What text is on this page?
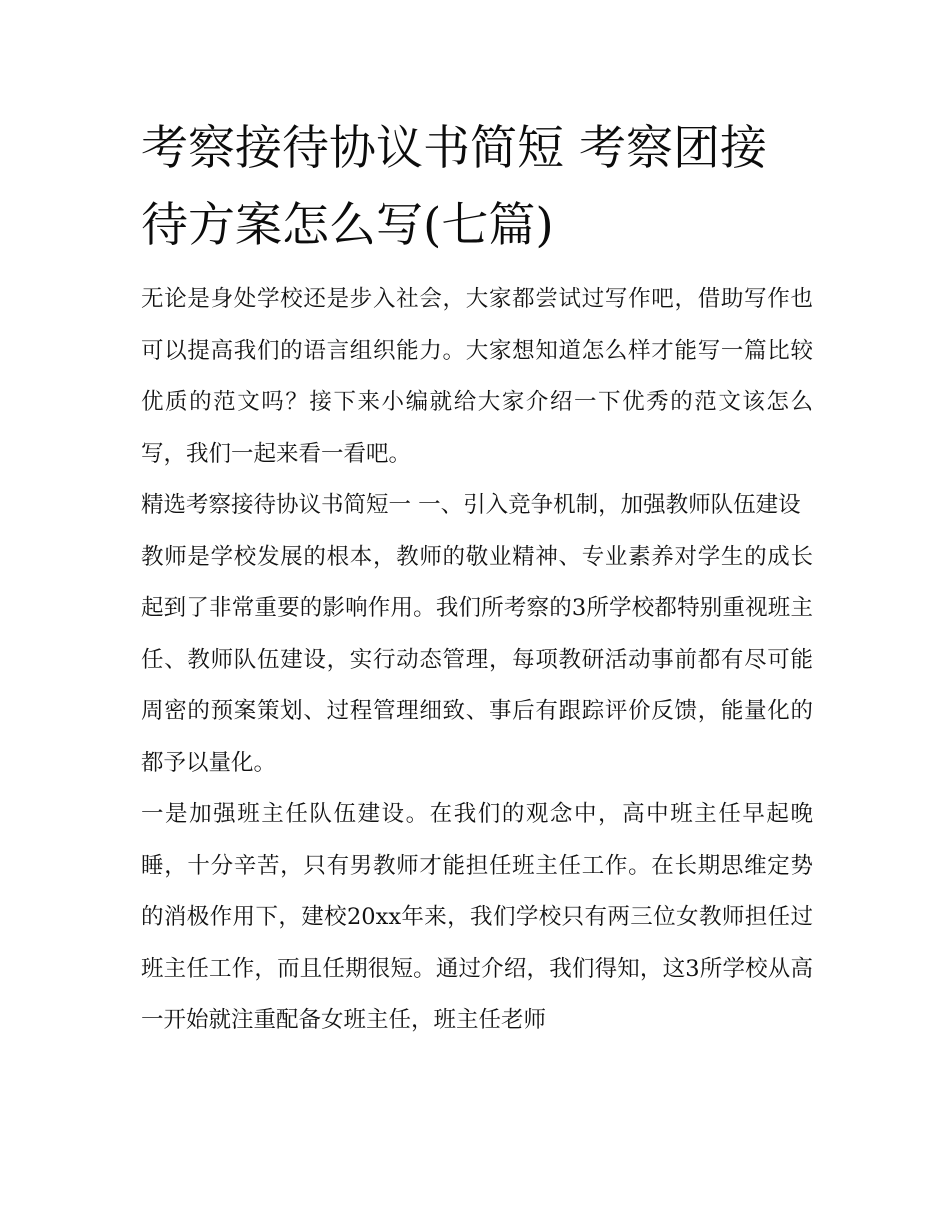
考察接待协议书简短 考察团接待方案怎么写(七篇)

无论是身处学校还是步入社会，大家都尝试过写作吧，借助写作也可以提高我们的语言组织能力。大家想知道怎么样才能写一篇比较优质的范文吗？接下来小编就给大家介绍一下优秀的范文该怎么写，我们一起来看一看吧。

精选考察接待协议书简短一 一、引入竞争机制，加强教师队伍建设

教师是学校发展的根本，教师的敬业精神、专业素养对学生的成长起到了非常重要的影响作用。我们所考察的3所学校都特别重视班主任、教师队伍建设，实行动态管理，每项教研活动事前都有尽可能周密的预案策划、过程管理细致、事后有跟踪评价反馈，能量化的都予以量化。

一是加强班主任队伍建设。在我们的观念中，高中班主任早起晚睡，十分辛苦，只有男教师才能担任班主任工作。在长期思维定势的消极作用下，建校20xx年来，我们学校只有两三位女教师担任过班主任工作，而且任期很短。通过介绍，我们得知，这3所学校从高一开始就注重配备女班主任，班主任老师
